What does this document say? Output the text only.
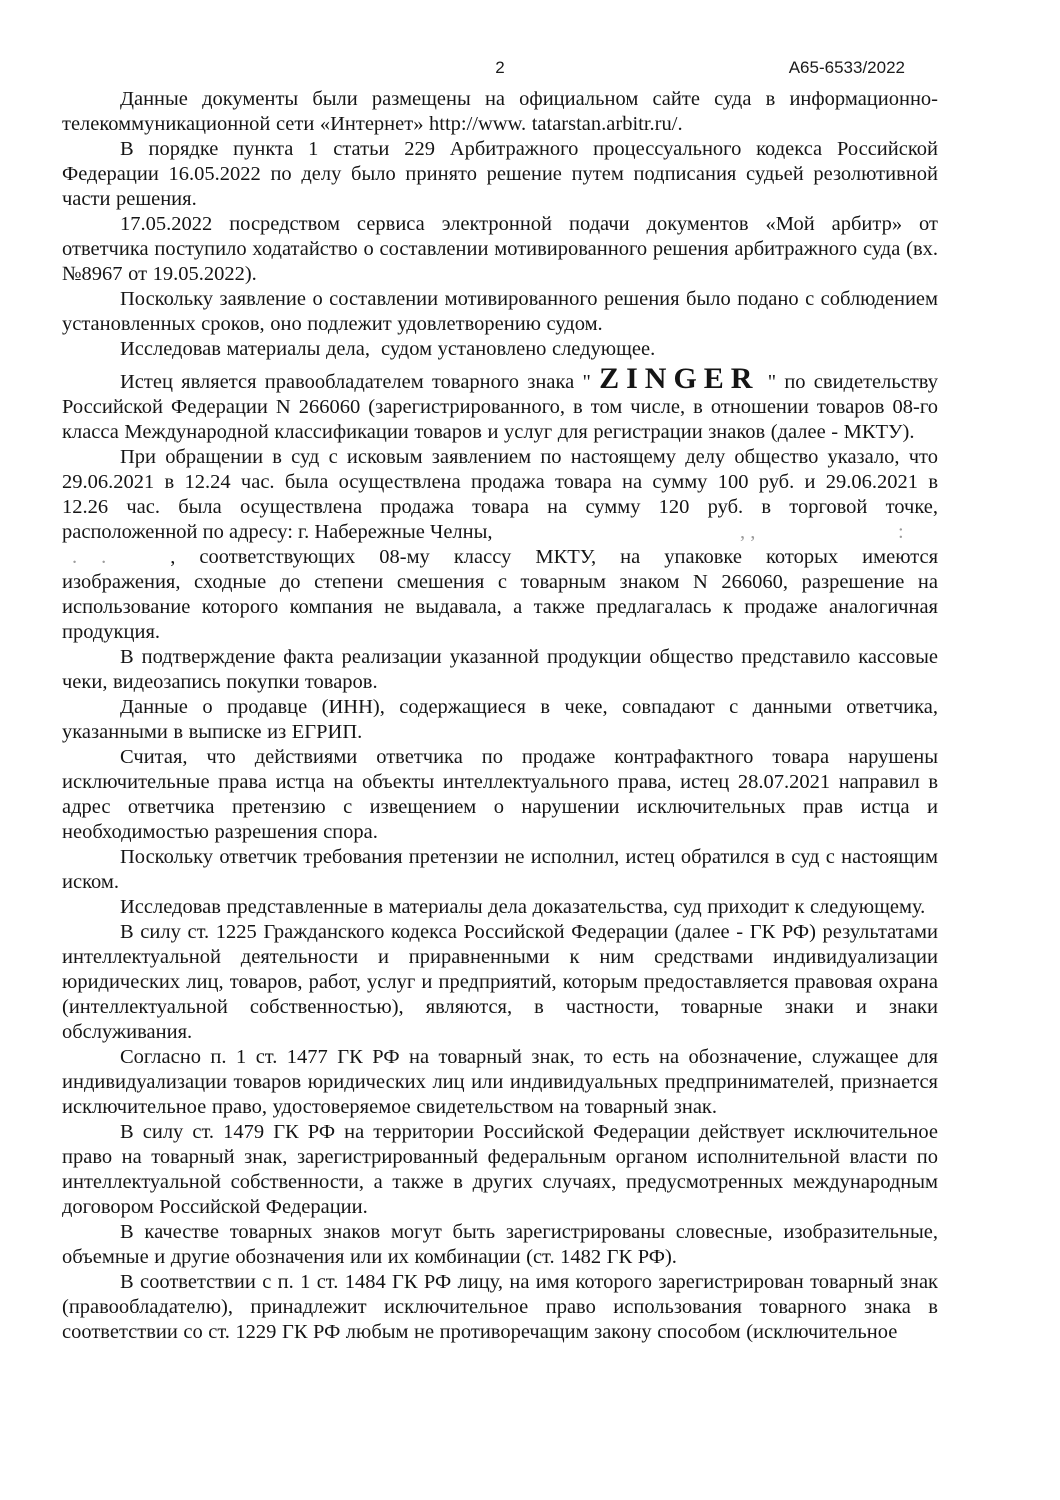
2	A65-6533/2022

Данные документы были размещены на официальном сайте суда в информационно-телекоммуникационной сети «Интернет» http://www. tatarstan.arbitr.ru/.

В порядке пункта 1 статьи 229 Арбитражного процессуального кодекса Российской Федерации 16.05.2022 по делу было принято решение путем подписания судьей резолютивной части решения.

17.05.2022 посредством сервиса электронной подачи документов «Мой арбитр» от ответчика поступило ходатайство о составлении мотивированного решения арбитражного суда (вх.№8967 от 19.05.2022).

Поскольку заявление о составлении мотивированного решения было подано с соблюдением установленных сроков, оно подлежит удовлетворению судом.

Исследовав материалы дела,  судом установлено следующее.

Истец является правообладателем товарного знака " ZINGER " по свидетельству Российской Федерации N 266060 (зарегистрированного, в том числе, в отношении товаров 08-го класса Международной классификации товаров и услуг для регистрации знаков (далее - МКТУ).

При обращении в суд с исковым заявлением по настоящему делу общество указало, что
29.06.2021 в 12.24 час. была осуществлена продажа товара на сумму 100 руб. и 29.06.2021 в
12.26 час. была осуществлена продажа товара на сумму 120 руб. в торговой точке,
расположенной по адресу: г. Набережные Челны,	, ,	:
. .	, соответствующих 08-му классу МКТУ, на упаковке которых имеются
изображения, сходные до степени смешения с товарным знаком N 266060, разрешение на
использование которого компания не выдавала, а также предлагалась к продаже аналогичная
продукция.

В подтверждение факта реализации указанной продукции общество представило кассовые чеки, видеозапись покупки товаров.

Данные о продавце (ИНН), содержащиеся в чеке, совпадают с данными ответчика, указанными в выписке из ЕГРИП.

Считая, что действиями ответчика по продаже контрафактного товара нарушены исключительные права истца на объекты интеллектуального права, истец 28.07.2021 направил в адрес ответчика претензию с извещением о нарушении исключительных прав истца и необходимостью разрешения спора.

Поскольку ответчик требования претензии не исполнил, истец обратился в суд с настоящим иском.

Исследовав представленные в материалы дела доказательства, суд приходит к следующему.

В силу ст. 1225 Гражданского кодекса Российской Федерации (далее - ГК РФ) результатами интеллектуальной деятельности и приравненными к ним средствами индивидуализации юридических лиц, товаров, работ, услуг и предприятий, которым предоставляется правовая охрана (интеллектуальной собственностью), являются, в частности, товарные знаки и знаки обслуживания.

Согласно п. 1 ст. 1477 ГК РФ на товарный знак, то есть на обозначение, служащее для индивидуализации товаров юридических лиц или индивидуальных предпринимателей, признается исключительное право, удостоверяемое свидетельством на товарный знак.

В силу ст. 1479 ГК РФ на территории Российской Федерации действует исключительное право на товарный знак, зарегистрированный федеральным органом исполнительной власти по интеллектуальной собственности, а также в других случаях, предусмотренных международным договором Российской Федерации.

В качестве товарных знаков могут быть зарегистрированы словесные, изобразительные, объемные и другие обозначения или их комбинации (ст. 1482 ГК РФ).

В соответствии с п. 1 ст. 1484 ГК РФ лицу, на имя которого зарегистрирован товарный знак (правообладателю), принадлежит исключительное право использования товарного знака в соответствии со ст. 1229 ГК РФ любым не противоречащим закону способом (исключительное
